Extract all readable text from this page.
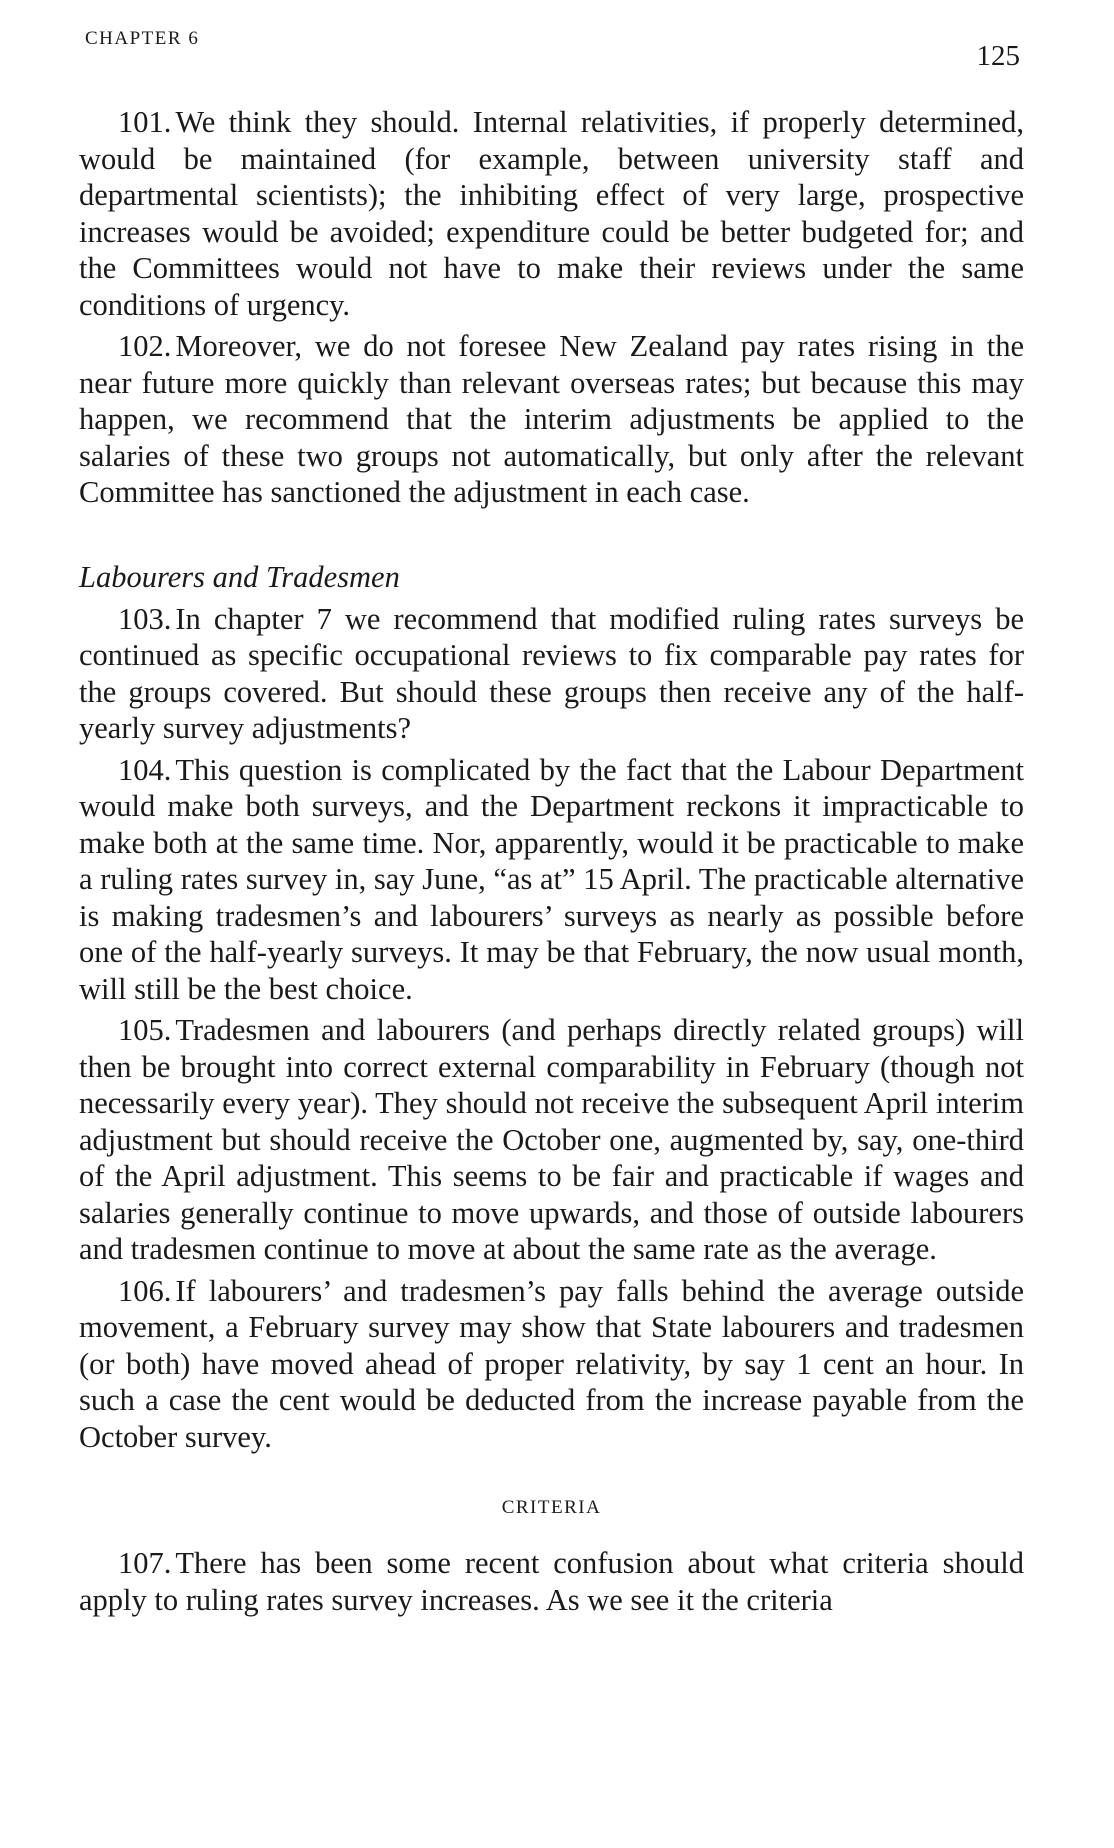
CHAPTER 6
125

101. We think they should. Internal relativities, if properly determined, would be maintained (for example, between university staff and departmental scientists); the inhibiting effect of very large, prospective increases would be avoided; expenditure could be better budgeted for; and the Committees would not have to make their reviews under the same conditions of urgency.

102. Moreover, we do not foresee New Zealand pay rates rising in the near future more quickly than relevant overseas rates; but because this may happen, we recommend that the interim adjustments be applied to the salaries of these two groups not automatically, but only after the relevant Committee has sanctioned the adjustment in each case.

Labourers and Tradesmen

103. In chapter 7 we recommend that modified ruling rates surveys be continued as specific occupational reviews to fix comparable pay rates for the groups covered. But should these groups then receive any of the half-yearly survey adjustments?

104. This question is complicated by the fact that the Labour Department would make both surveys, and the Department reckons it impracticable to make both at the same time. Nor, apparently, would it be practicable to make a ruling rates survey in, say June, “as at” 15 April. The practicable alternative is making tradesmen’s and labourers’ surveys as nearly as possible before one of the half-yearly surveys. It may be that February, the now usual month, will still be the best choice.

105. Tradesmen and labourers (and perhaps directly related groups) will then be brought into correct external comparability in February (though not necessarily every year). They should not receive the subsequent April interim adjustment but should receive the October one, augmented by, say, one-third of the April adjustment. This seems to be fair and practicable if wages and salaries generally continue to move upwards, and those of outside labourers and tradesmen continue to move at about the same rate as the average.

106. If labourers’ and tradesmen’s pay falls behind the average outside movement, a February survey may show that State labourers and tradesmen (or both) have moved ahead of proper relativity, by say 1 cent an hour. In such a case the cent would be deducted from the increase payable from the October survey.

CRITERIA

107. There has been some recent confusion about what criteria should apply to ruling rates survey increases. As we see it the criteria
